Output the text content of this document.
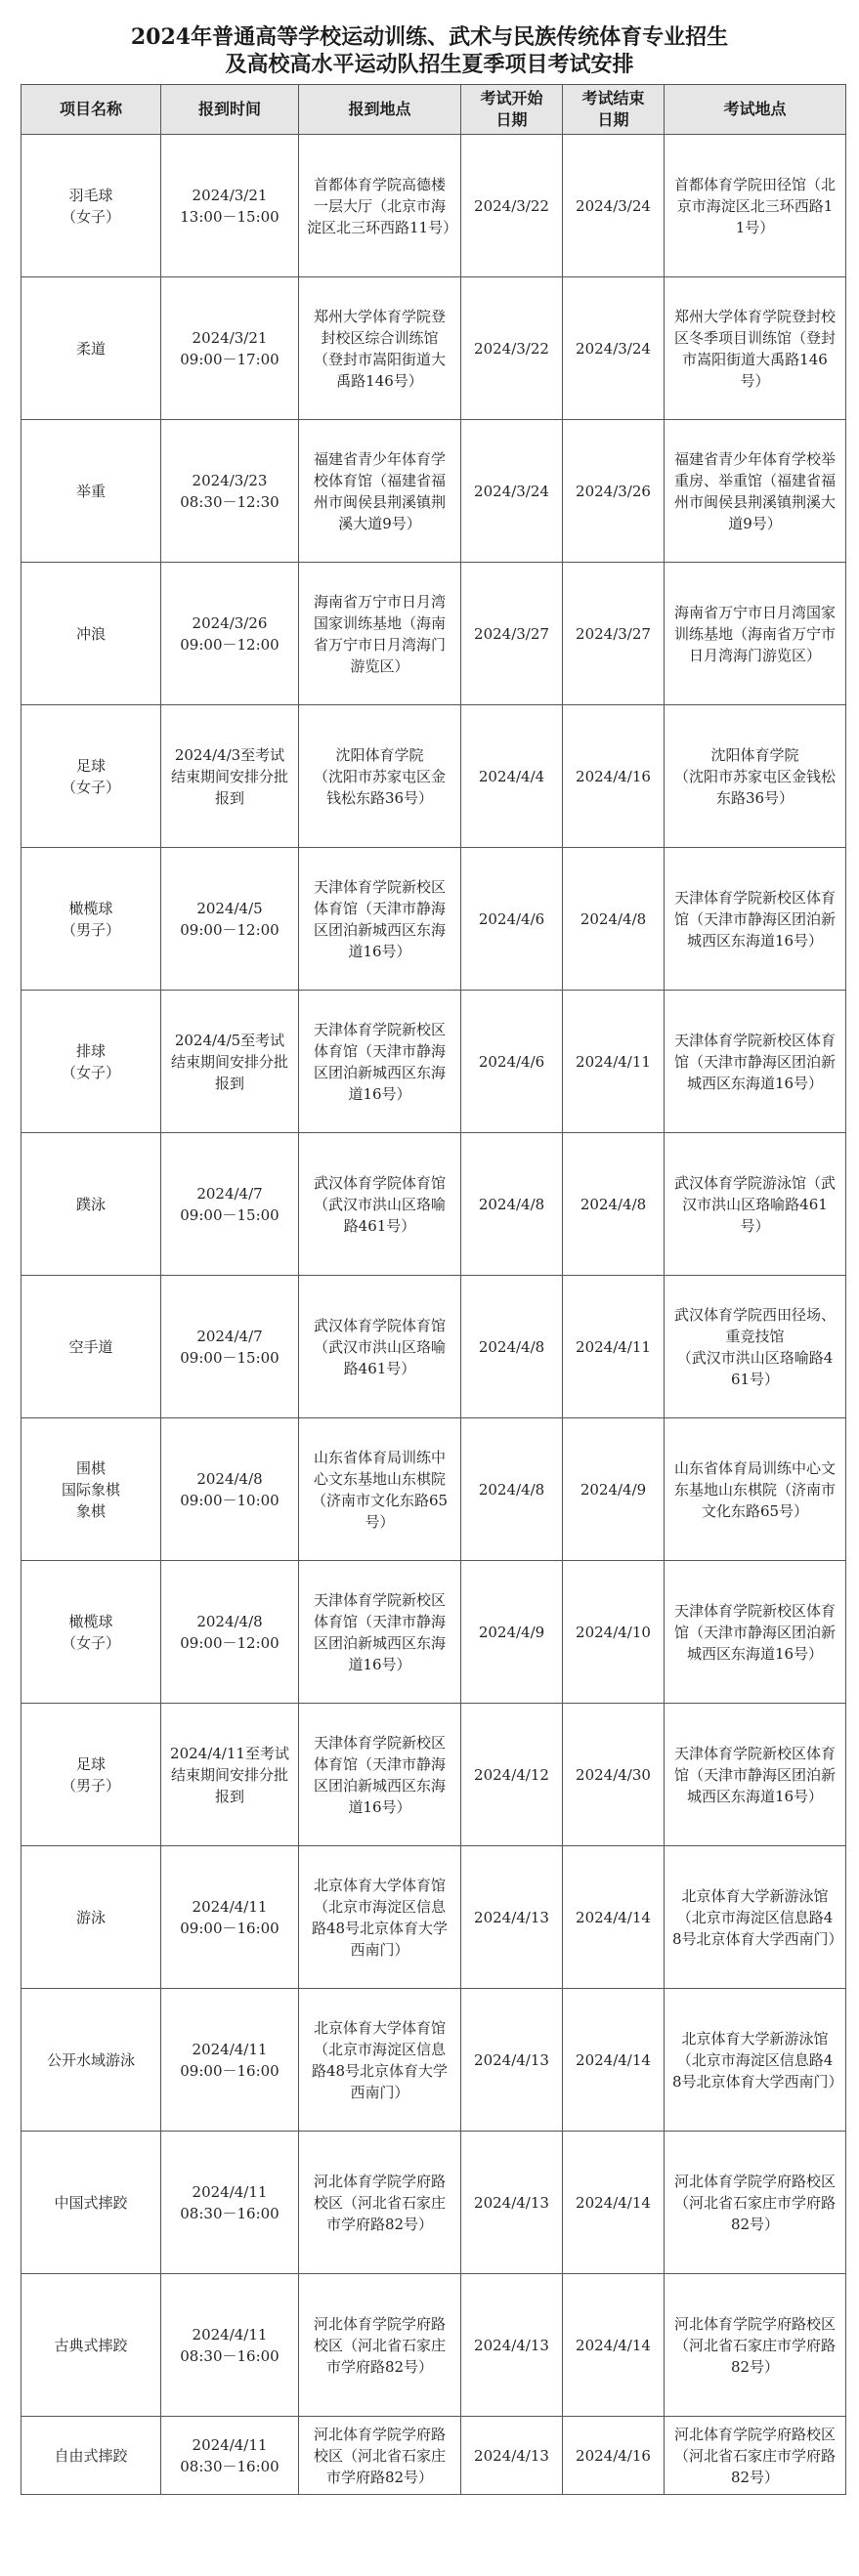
2024年普通高等学校运动训练、武术与民族传统体育专业招生
及高校高水平运动队招生夏季项目考试安排
项目名称	报到时间	报到地点	考试开始
日期	考试结束
日期	考试地点
羽毛球
（女子）	2024/3/21
13:00－15:00	首都体育学院高德楼一层大厅（北京市海淀区北三环西路11号）	2024/3/22	2024/3/24	首都体育学院田径馆（北京市海淀区北三环西路11号）
柔道	2024/3/21
09:00－17:00	郑州大学体育学院登封校区综合训练馆（登封市嵩阳街道大禹路146号）	2024/3/22	2024/3/24	郑州大学体育学院登封校区冬季项目训练馆（登封市嵩阳街道大禹路146号）
举重	2024/3/23
08:30－12:30	福建省青少年体育学校体育馆（福建省福州市闽侯县荆溪镇荆溪大道9号）	2024/3/24	2024/3/26	福建省青少年体育学校举重房、举重馆（福建省福州市闽侯县荆溪镇荆溪大道9号）
冲浪	2024/3/26
09:00－12:00	海南省万宁市日月湾国家训练基地（海南省万宁市日月湾海门游览区）	2024/3/27	2024/3/27	海南省万宁市日月湾国家训练基地（海南省万宁市日月湾海门游览区）
足球
（女子）	2024/4/3至考试结束期间安排分批报到	沈阳体育学院
（沈阳市苏家屯区金钱松东路36号）	2024/4/4	2024/4/16	沈阳体育学院
（沈阳市苏家屯区金钱松东路36号）
橄榄球
（男子）	2024/4/5
09:00－12:00	天津体育学院新校区体育馆（天津市静海区团泊新城西区东海道16号）	2024/4/6	2024/4/8	天津体育学院新校区体育馆（天津市静海区团泊新城西区东海道16号）
排球
（女子）	2024/4/5至考试结束期间安排分批报到	天津体育学院新校区体育馆（天津市静海区团泊新城西区东海道16号）	2024/4/6	2024/4/11	天津体育学院新校区体育馆（天津市静海区团泊新城西区东海道16号）
蹼泳	2024/4/7
09:00－15:00	武汉体育学院体育馆（武汉市洪山区珞喻路461号）	2024/4/8	2024/4/8	武汉体育学院游泳馆（武汉市洪山区珞喻路461号）
空手道	2024/4/7
09:00－15:00	武汉体育学院体育馆（武汉市洪山区珞喻路461号）	2024/4/8	2024/4/11	武汉体育学院西田径场、重竞技馆
（武汉市洪山区珞喻路461号）
围棋
国际象棋
象棋	2024/4/8
09:00－10:00	山东省体育局训练中心文东基地山东棋院（济南市文化东路65号）	2024/4/8	2024/4/9	山东省体育局训练中心文东基地山东棋院（济南市文化东路65号）
橄榄球
（女子）	2024/4/8
09:00－12:00	天津体育学院新校区体育馆（天津市静海区团泊新城西区东海道16号）	2024/4/9	2024/4/10	天津体育学院新校区体育馆（天津市静海区团泊新城西区东海道16号）
足球
（男子）	2024/4/11至考试结束期间安排分批报到	天津体育学院新校区体育馆（天津市静海区团泊新城西区东海道16号）	2024/4/12	2024/4/30	天津体育学院新校区体育馆（天津市静海区团泊新城西区东海道16号）
游泳	2024/4/11
09:00－16:00	北京体育大学体育馆（北京市海淀区信息路48号北京体育大学西南门）	2024/4/13	2024/4/14	北京体育大学新游泳馆（北京市海淀区信息路48号北京体育大学西南门）
公开水域游泳	2024/4/11
09:00－16:00	北京体育大学体育馆（北京市海淀区信息路48号北京体育大学西南门）	2024/4/13	2024/4/14	北京体育大学新游泳馆（北京市海淀区信息路48号北京体育大学西南门）
中国式摔跤	2024/4/11
08:30－16:00	河北体育学院学府路校区（河北省石家庄市学府路82号）	2024/4/13	2024/4/14	河北体育学院学府路校区（河北省石家庄市学府路82号）
古典式摔跤	2024/4/11
08:30－16:00	河北体育学院学府路校区（河北省石家庄市学府路82号）	2024/4/13	2024/4/14	河北体育学院学府路校区（河北省石家庄市学府路82号）
自由式摔跤	2024/4/11
08:30－16:00	河北体育学院学府路校区（河北省石家庄市学府路82号）	2024/4/13	2024/4/16	河北体育学院学府路校区（河北省石家庄市学府路82号）
